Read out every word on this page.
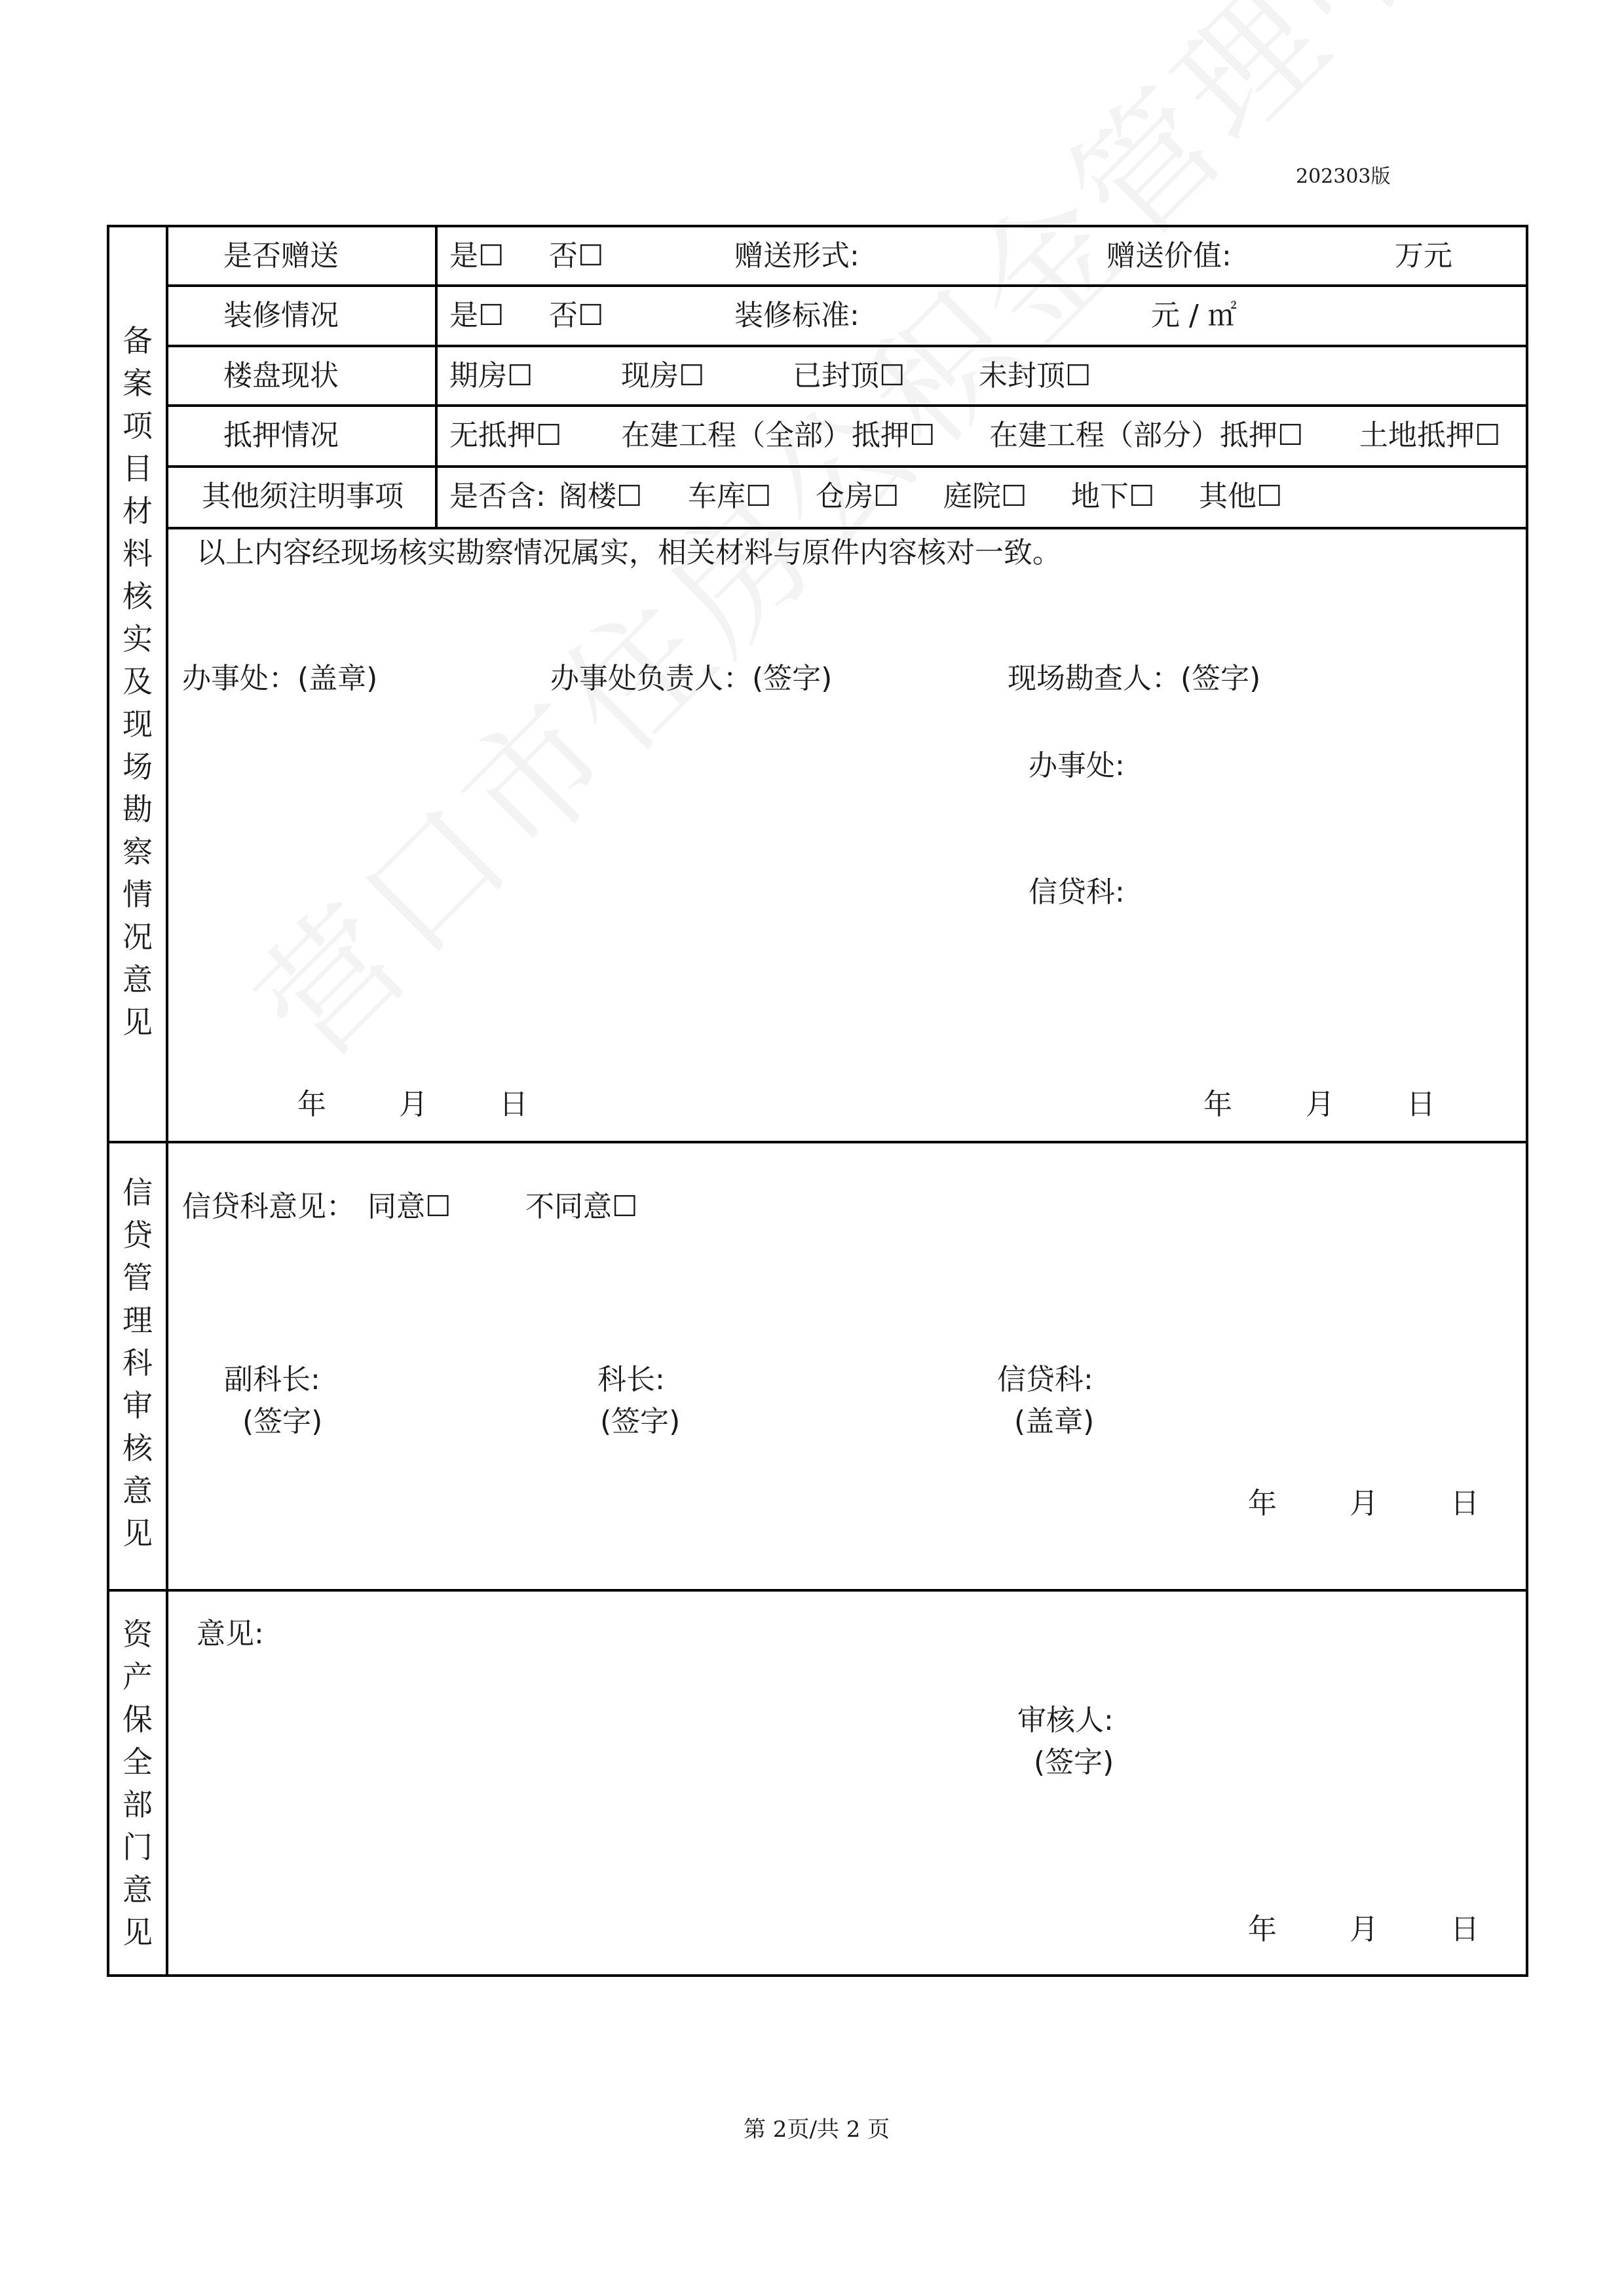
202303版
是否赠送	是☐ 否☐	赠送形式:	赠送价值:	万元
装修情况	是☐ 否☐	装修标准:	元 / ㎡
楼盘现状	期房☐	现房☐	已封顶☐	未封顶☐
抵押情况	无抵押☐ 在建工程（全部）抵押☐ 在建工程（部分）抵押☐ 土地抵押☐
其他须注明事项 是否含: 阁楼☐ 车库☐ 仓房☐ 庭院☐ 地下☐ 其他☐
备
案
项
目
材
料
核
实
及
现
场
勘
察
情
况
意
见
以上内容经现场核实勘察情况属实，相关材料与原件内容核对一致。
办事处：(盖章)	办事处负责人：(签字)	现场勘查人：(签字)
办事处:
信贷科:
年	月 日	年	月	日
信
贷
管
理
科
审
核
意
见
信贷科意见： 同意☐	不同意☐
副科长:
(签字)
科长:
(签字)
信贷科:
(盖章)
年	月	日
资
产
保
全
部
门
意
见
意见:
审核人:
(签字)
年	月	日
第 2页/共 2 页
